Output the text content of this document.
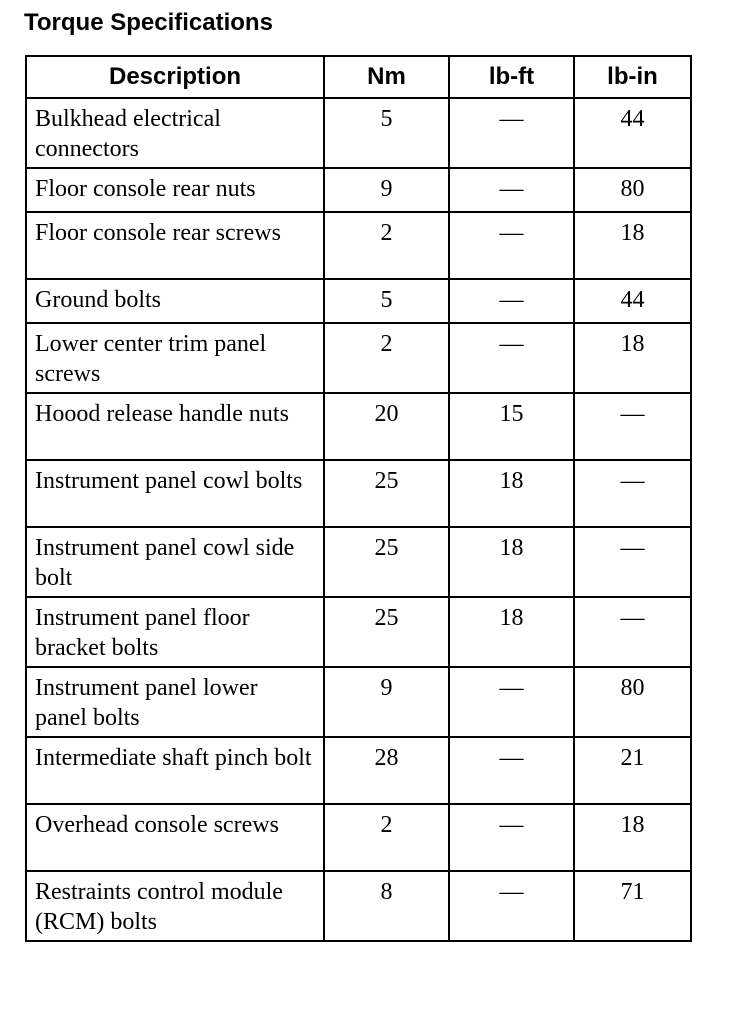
Torque Specifications
Description	Nm	lb-ft	lb-in
Bulkhead electrical connectors	5	—	44
Floor console rear nuts	9	—	80
Floor console rear screws	2	—	18
Ground bolts	5	—	44
Lower center trim panel screws	2	—	18
Hoood release handle nuts	20	15	—
Instrument panel cowl bolts	25	18	—
Instrument panel cowl side bolt	25	18	—
Instrument panel floor bracket bolts	25	18	—
Instrument panel lower panel bolts	9	—	80
Intermediate shaft pinch bolt	28	—	21
Overhead console screws	2	—	18
Restraints control module (RCM) bolts	8	—	71
